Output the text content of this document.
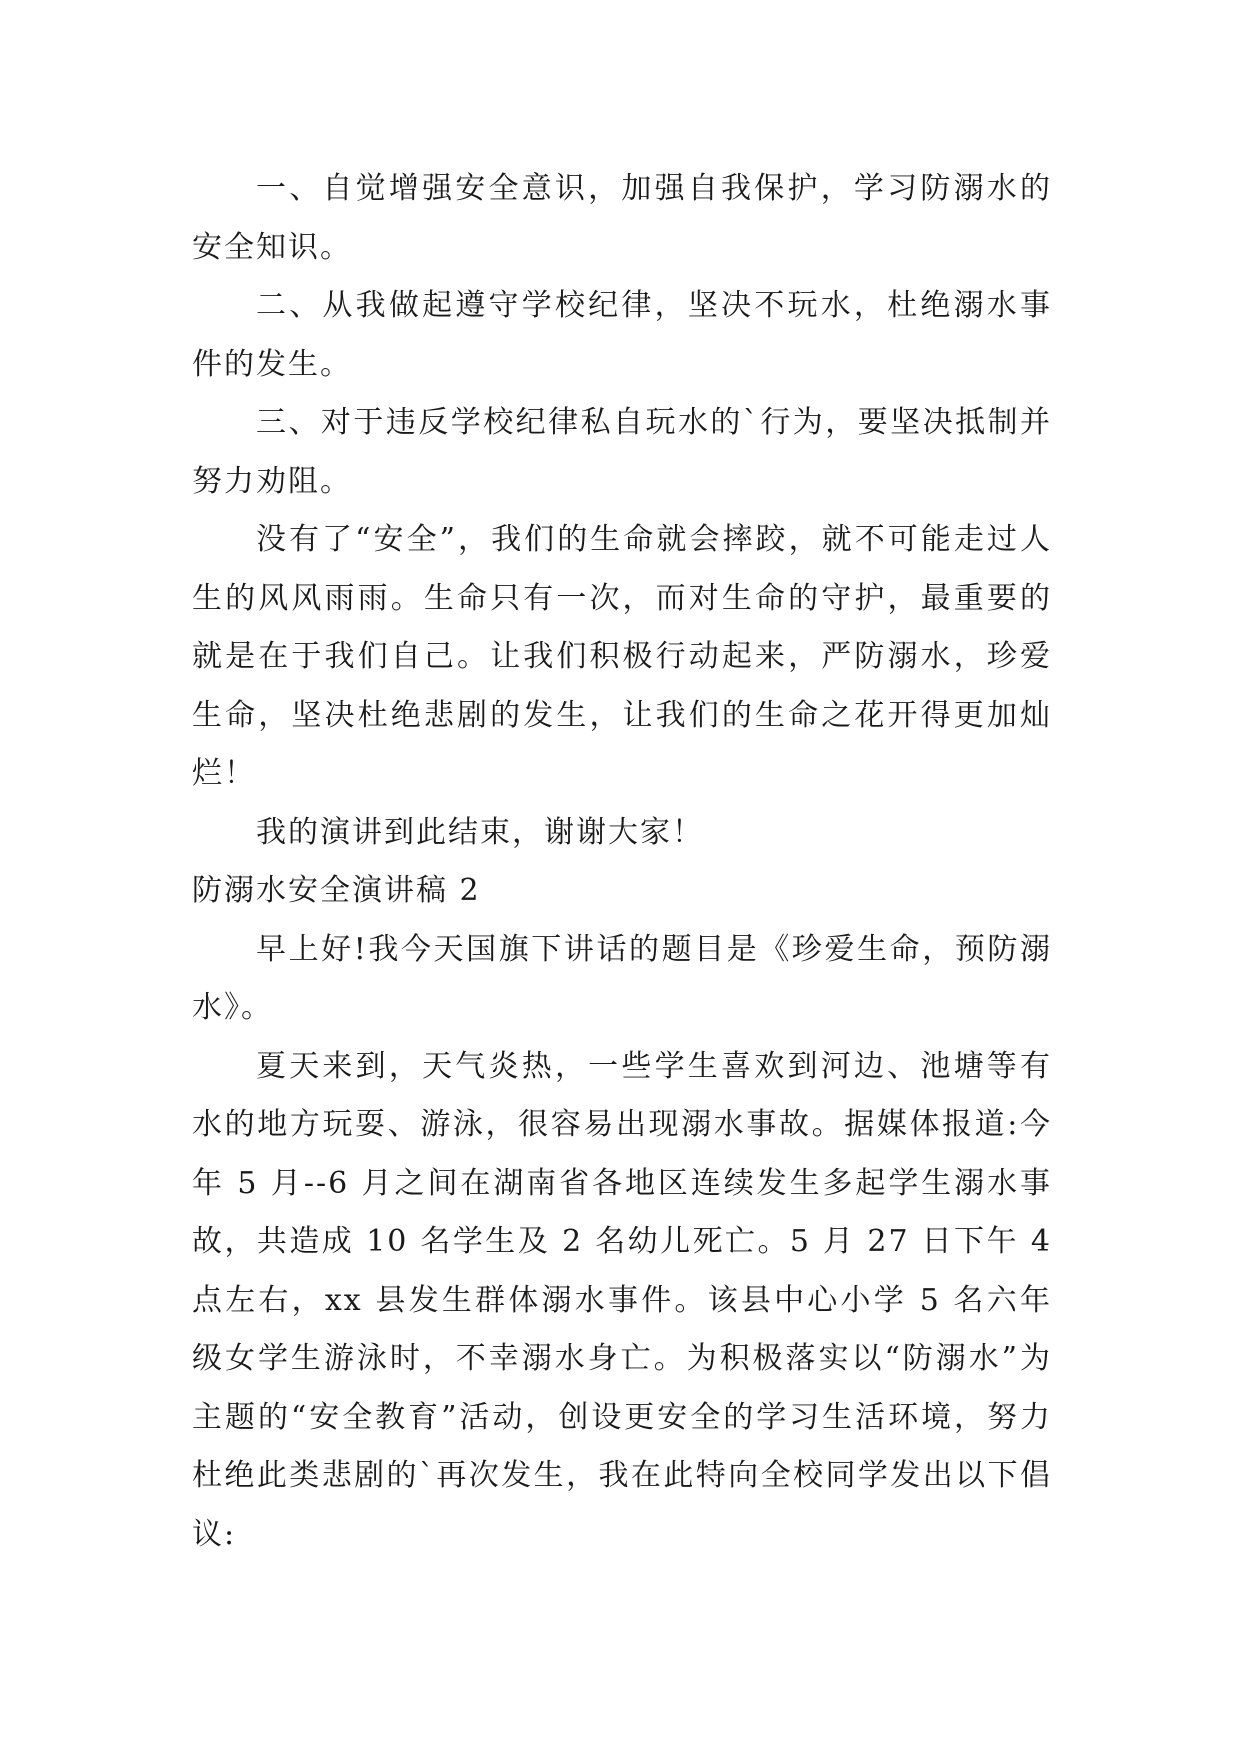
一、自觉增强安全意识，加强自我保护，学习防溺水的安全知识。

二、从我做起遵守学校纪律，坚决不玩水，杜绝溺水事件的发生。

三、对于违反学校纪律私自玩水的`行为，要坚决抵制并努力劝阻。

没有了“安全”，我们的生命就会摔跤，就不可能走过人生的风风雨雨。生命只有一次，而对生命的守护，最重要的就是在于我们自己。让我们积极行动起来，严防溺水，珍爱生命，坚决杜绝悲剧的发生，让我们的生命之花开得更加灿烂！

我的演讲到此结束，谢谢大家！

防溺水安全演讲稿 2

早上好!我今天国旗下讲话的题目是《珍爱生命，预防溺水》。

夏天来到，天气炎热，一些学生喜欢到河边、池塘等有水的地方玩耍、游泳，很容易出现溺水事故。据媒体报道:今年 5 月--6 月之间在湖南省各地区连续发生多起学生溺水事故，共造成 10 名学生及 2 名幼儿死亡。5 月 27 日下午 4 点左右，xx 县发生群体溺水事件。该县中心小学 5 名六年级女学生游泳时，不幸溺水身亡。为积极落实以“防溺水”为主题的“安全教育”活动，创设更安全的学习生活环境，努力杜绝此类悲剧的`再次发生，我在此特向全校同学发出以下倡议:
